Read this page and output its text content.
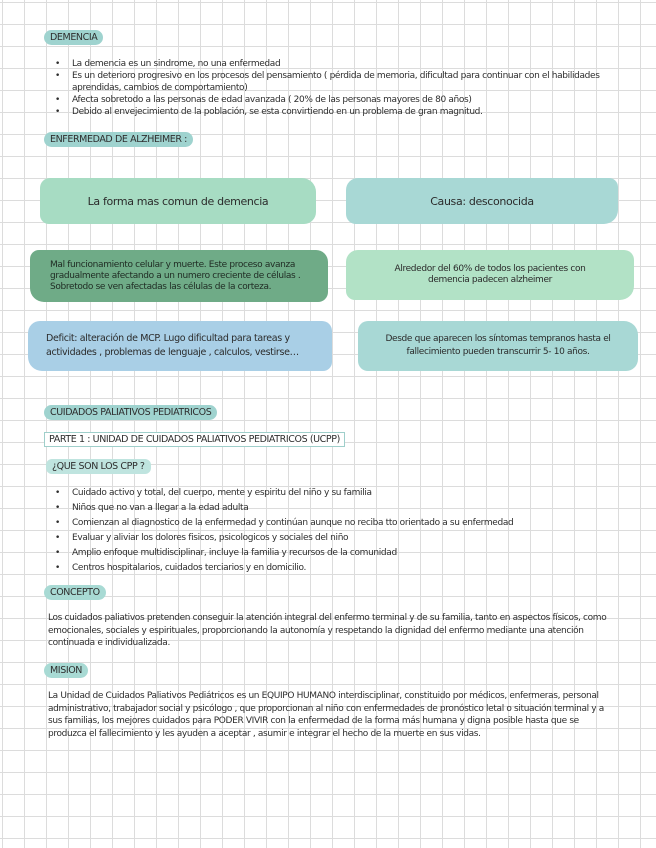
DEMENCIA
• La demencia es un sindrome, no una enfermedad
• Es un deterioro progresivo en los procesos del pensamiento ( pérdida de memoria, dificultad para continuar con el habilidades aprendidas, cambios de comportamiento)
• Afecta sobretodo a las personas de edad avanzada ( 20% de las personas mayores de 80 años)
• Debido al envejecimiento de la población, se esta convirtiendo en un problema de gran magnitud.
ENFERMEDAD DE ALZHEIMER :
La forma mas comun de demencia	Causa: desconocida
Mal funcionamiento celular y muerte. Este proceso avanza gradualmente afectando a un numero creciente de células . Sobretodo se ven afectadas las células de la corteza.
Alrededor del 60% de todos los pacientes con demencia padecen alzheimer
Deficit: alteración de MCP. Lugo dificultad para tareas y actividades , problemas de lenguaje , calculos, vestirse…
Desde que aparecen los síntomas tempranos hasta el fallecimiento pueden transcurrir 5- 10 años.
CUIDADOS PALIATIVOS PEDIATRICOS
PARTE 1 : UNIDAD DE CUIDADOS PALIATIVOS PEDIATRICOS (UCPP)
¿QUE SON LOS CPP ?
• Cuidado activo y total, del cuerpo, mente y espiritu del niño y su familia
• Niños que no van a llegar a la edad adulta
• Comienzan al diagnostico de la enfermedad y continúan aunque no reciba tto orientado a su enfermedad
• Evaluar y aliviar los dolores fisicos, psicologicos y sociales del niño
• Amplio enfoque multidisciplinar, incluye la familia y recursos de la comunidad
• Centros hospitalarios, cuidados terciarios y en domicilio.
CONCEPTO

Los cuidados paliativos pretenden conseguir la atención integral del enfermo terminal y de su familia, tanto en aspectos físicos, como emocionales, sociales y espirituales, proporcionando la autonomía y respetando la dignidad del enfermo mediante una atención continuada e individualizada.

MISION

La Unidad de Cuidados Paliativos Pediátricos es un EQUIPO HUMANO interdisciplinar, constituido por médicos, enfermeras, personal administrativo, trabajador social y psicólogo , que proporcionan al niño con enfermedades de pronóstico letal o situación terminal y a sus familias, los mejores cuidados para PODER VIVIR con la enfermedad de la forma más humana y digna posible hasta que se produzca el fallecimiento y les ayuden a aceptar , asumir e integrar el hecho de la muerte en sus vidas.
